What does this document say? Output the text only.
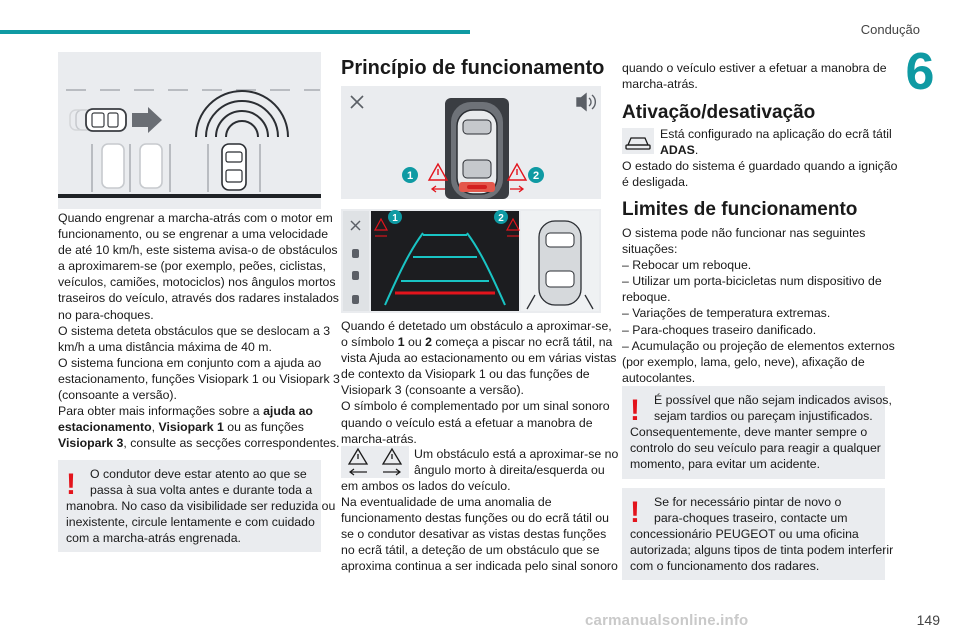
Condução
6
Quando engrenar a marcha-atrás com o motor em
funcionamento, ou se engrenar a uma velocidade
de até 10 km/h, este sistema avisa-o de obstáculos
a aproximarem-se (por exemplo, peões, ciclistas,
veículos, camiões, motociclos) nos ângulos mortos
traseiros do veículo, através dos radares instalados
no para-choques.
O sistema deteta obstáculos que se deslocam a 3
km/h a uma distância máxima de 40 m.
O sistema funciona em conjunto com a ajuda ao
estacionamento, funções Visiopark 1 ou Visiopark 3
(consoante a versão).
Para obter mais informações sobre a ajuda ao
estacionamento, Visiopark 1 ou as funções
Visiopark 3, consulte as secções correspondentes.
! O condutor deve estar atento ao que se
passa à sua volta antes e durante toda a
manobra. No caso da visibilidade ser reduzida ou
inexistente, circule lentamente e com cuidado
com a marcha-atrás engrenada.
Princípio de funcionamento
1	2
1	2
Quando é detetado um obstáculo a aproximar-se,
o símbolo 1 ou 2 começa a piscar no ecrã tátil, na
vista Ajuda ao estacionamento ou em várias vistas
de contexto da Visiopark 1 ou das funções de
Visiopark 3 (consoante a versão).
O símbolo é complementado por um sinal sonoro
quando o veículo está a efetuar a manobra de
marcha-atrás.
Um obstáculo está a aproximar-se no
ângulo morto à direita/esquerda ou
em ambos os lados do veículo.
Na eventualidade de uma anomalia de
funcionamento destas funções ou do ecrã tátil ou
se o condutor desativar as vistas destas funções
no ecrã tátil, a deteção de um obstáculo que se
aproxima continua a ser indicada pelo sinal sonoro
quando o veículo estiver a efetuar a manobra de
marcha-atrás.
Ativação/desativação
Está configurado na aplicação do ecrã tátil
ADAS.
O estado do sistema é guardado quando a ignição
é desligada.
Limites de funcionamento
O sistema pode não funcionar nas seguintes
situações:
– Rebocar um reboque.
– Utilizar um porta-bicicletas num dispositivo de
reboque.
– Variações de temperatura extremas.
– Para-choques traseiro danificado.
– Acumulação ou projeção de elementos externos
(por exemplo, lama, gelo, neve), afixação de
autocolantes.
! É possível que não sejam indicados avisos,
sejam tardios ou pareçam injustificados.
Consequentemente, deve manter sempre o
controlo do seu veículo para reagir a qualquer
momento, para evitar um acidente.
! Se for necessário pintar de novo o
para-choques traseiro, contacte um
concessionário PEUGEOT ou uma oficina
autorizada; alguns tipos de tinta podem interferir
com o funcionamento dos radares.
carmanualsonline.info	149
